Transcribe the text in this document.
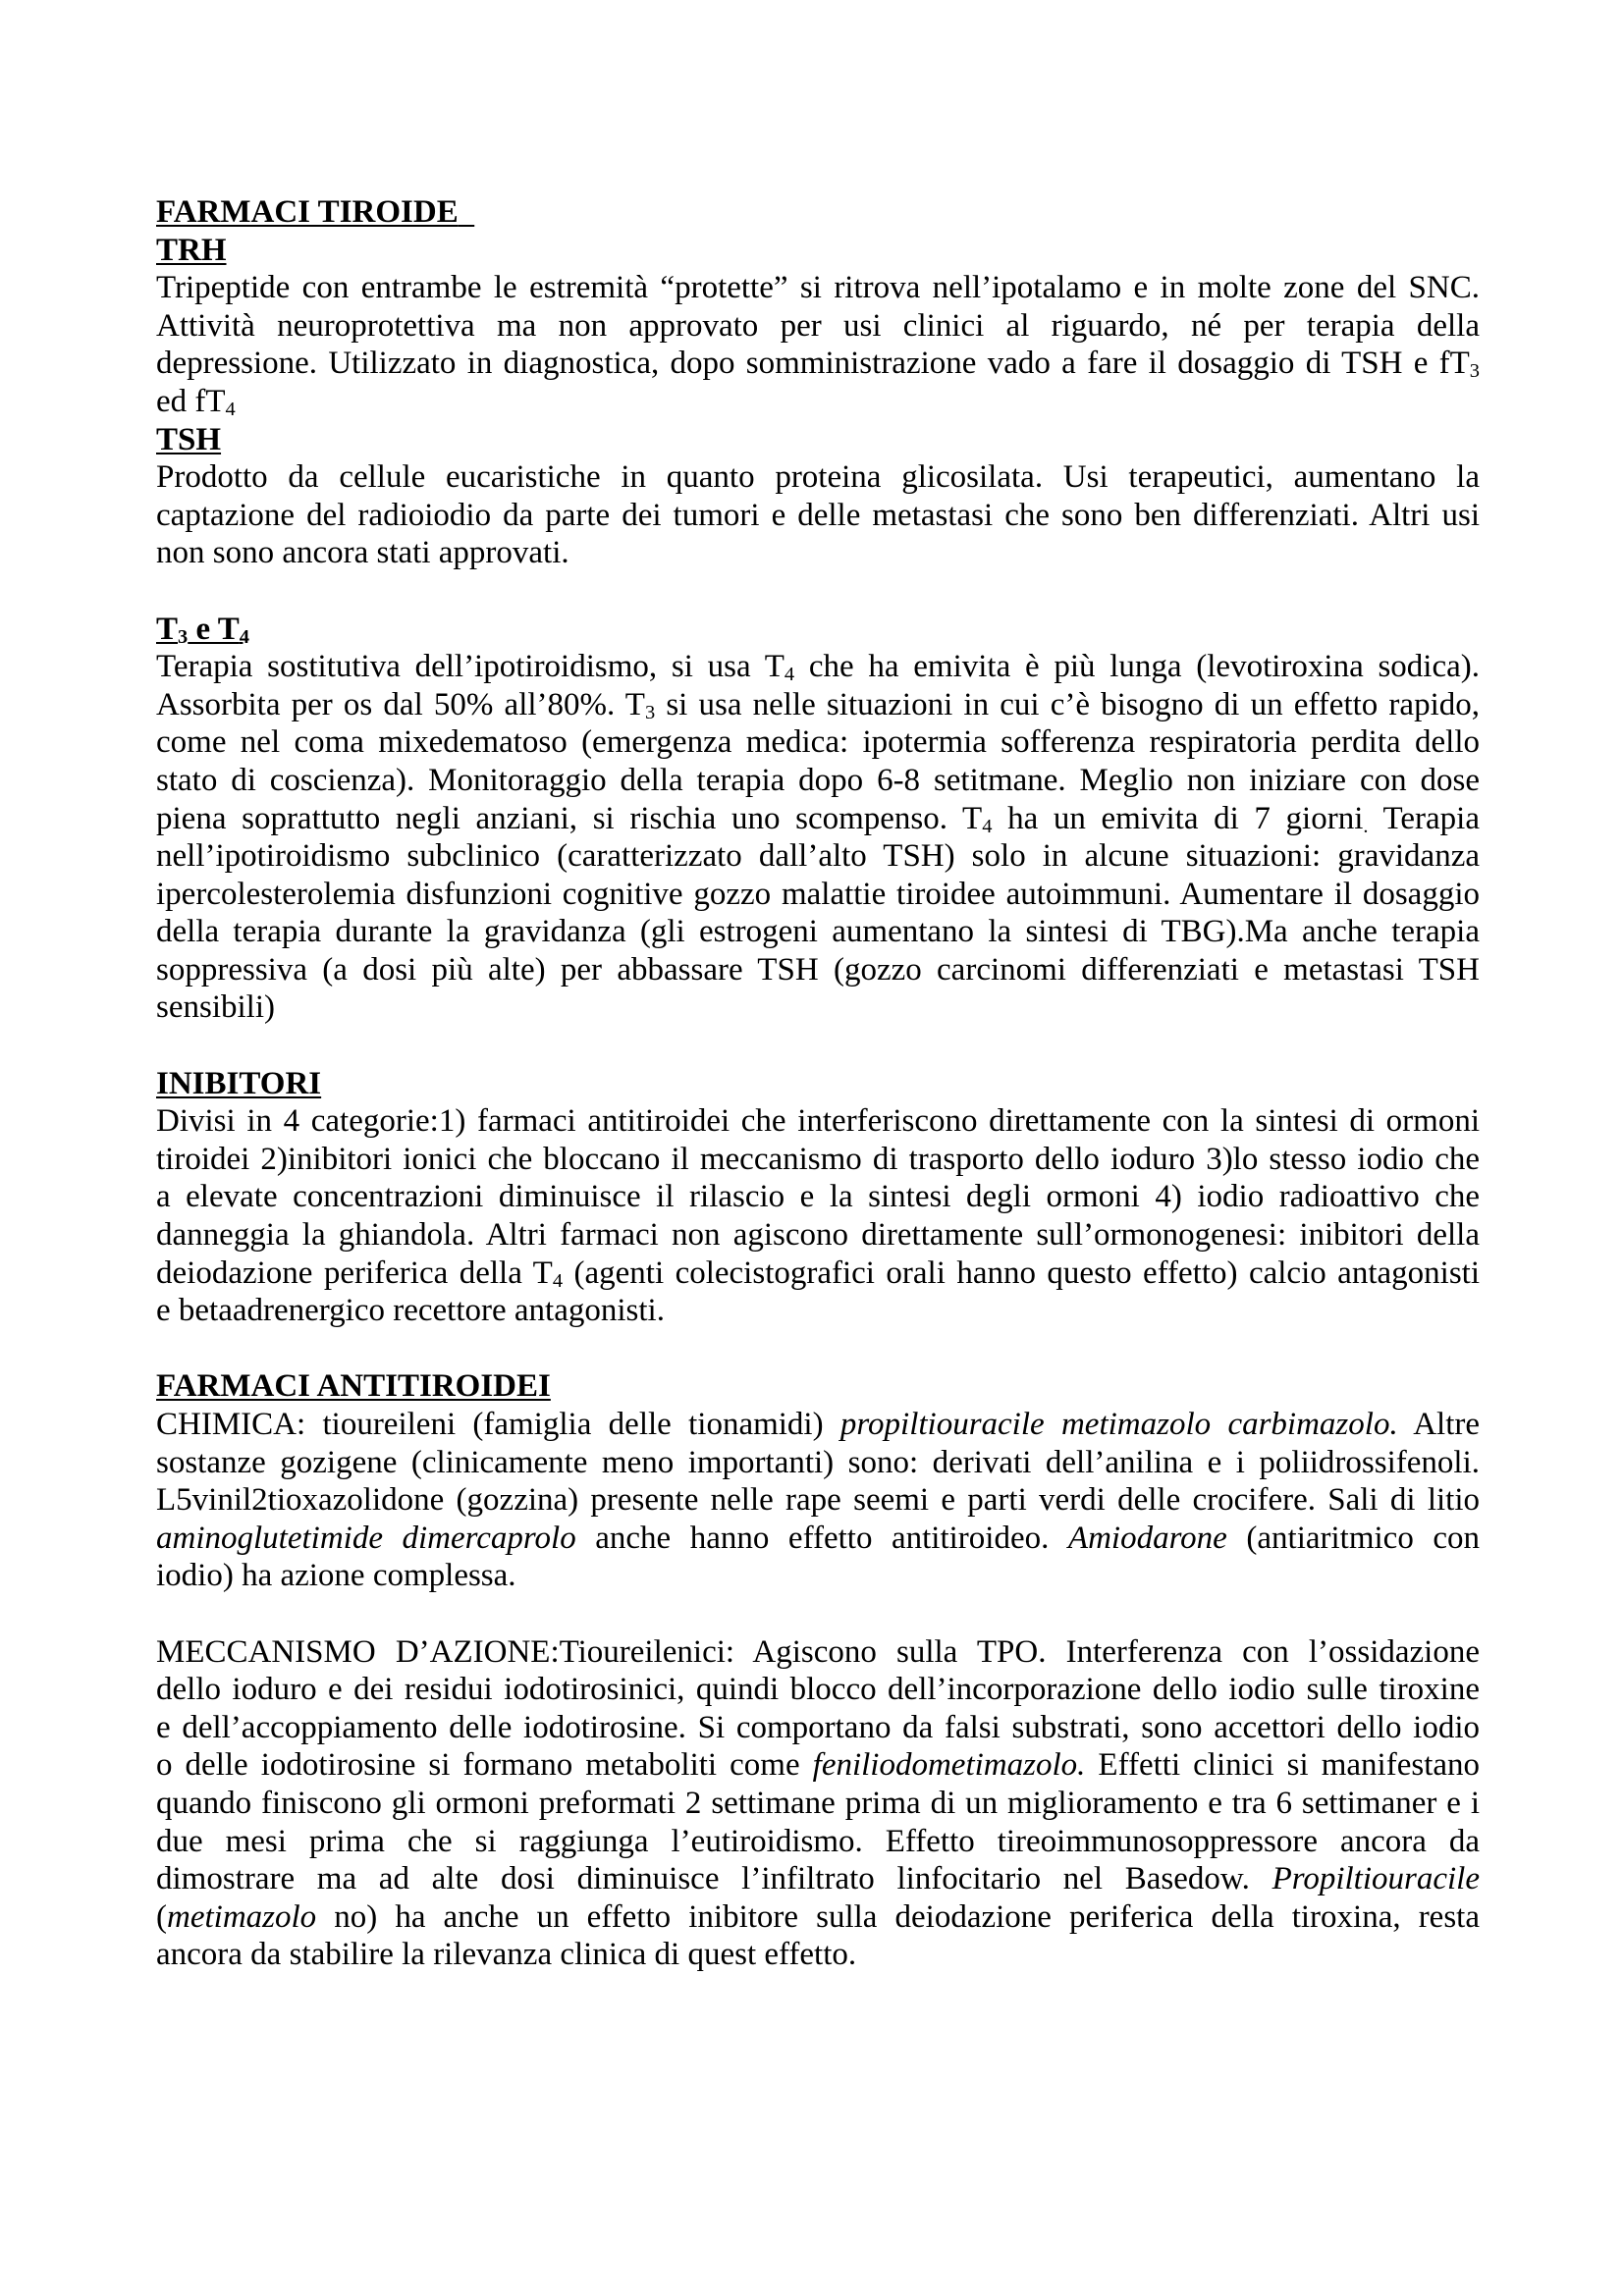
FARMACI TIROIDE
TRH
Tripeptide con entrambe le estremità “protette” si ritrova nell’ipotalamo e in molte zone del SNC.
Attività neuroprotettiva ma non approvato per usi clinici al riguardo, né per terapia della
depressione. Utilizzato in diagnostica, dopo somministrazione vado a fare il dosaggio di TSH e fT3
ed fT4
TSH
Prodotto da cellule eucaristiche in quanto proteina glicosilata. Usi terapeutici, aumentano la
captazione del radioiodio da parte dei tumori e delle metastasi che sono ben differenziati. Altri usi
non sono ancora stati approvati.
T3 e T4
Terapia sostitutiva dell’ipotiroidismo, si usa T4 che ha emivita è più lunga (levotiroxina sodica).
Assorbita per os dal 50% all’80%. T3 si usa nelle situazioni in cui c’è bisogno di un effetto rapido,
come nel coma mixedematoso (emergenza medica: ipotermia sofferenza respiratoria perdita dello
stato di coscienza). Monitoraggio della terapia dopo 6-8 setitmane. Meglio non iniziare con dose
piena soprattutto negli anziani, si rischia uno scompenso. T4 ha un emivita di 7 giorni. Terapia
nell’ipotiroidismo subclinico (caratterizzato dall’alto TSH) solo in alcune situazioni: gravidanza
ipercolesterolemia disfunzioni cognitive gozzo malattie tiroidee autoimmuni. Aumentare il dosaggio
della terapia durante la gravidanza (gli estrogeni aumentano la sintesi di TBG).Ma anche terapia
soppressiva (a dosi più alte) per abbassare TSH (gozzo carcinomi differenziati e metastasi TSH
sensibili)
INIBITORI
Divisi in 4 categorie:1) farmaci antitiroidei che interferiscono direttamente con la sintesi di ormoni
tiroidei 2)inibitori ionici che bloccano il meccanismo di trasporto dello ioduro 3)lo stesso iodio che
a elevate concentrazioni diminuisce il rilascio e la sintesi degli ormoni 4) iodio radioattivo che
danneggia la ghiandola. Altri farmaci non agiscono direttamente sull’ormonogenesi: inibitori della
deiodazione periferica della T4 (agenti colecistografici orali hanno questo effetto) calcio antagonisti
e betaadrenergico recettore antagonisti.
FARMACI ANTITIROIDEI
CHIMICA: tioureileni (famiglia delle tionamidi) propiltiouracile metimazolo carbimazolo. Altre
sostanze gozigene (clinicamente meno importanti) sono: derivati dell’anilina e i poliidrossifenoli.
L5vinil2tioxazolidone (gozzina) presente nelle rape seemi e parti verdi delle crocifere. Sali di litio
aminoglutetimide dimercaprolo anche hanno effetto antitiroideo. Amiodarone (antiaritmico con
iodio) ha azione complessa.
MECCANISMO D’AZIONE:Tioureilenici: Agiscono sulla TPO. Interferenza con l’ossidazione
dello ioduro e dei residui iodotirosinici, quindi blocco dell’incorporazione dello iodio sulle tiroxine
e dell’accoppiamento delle iodotirosine. Si comportano da falsi substrati, sono accettori dello iodio
o delle iodotirosine si formano metaboliti come feniliodometimazolo. Effetti clinici si manifestano
quando finiscono gli ormoni preformati 2 settimane prima di un miglioramento e tra 6 settimaner e i
due mesi prima che si raggiunga l’eutiroidismo. Effetto tireoimmunosoppressore ancora da
dimostrare ma ad alte dosi diminuisce l’infiltrato linfocitario nel Basedow. Propiltiouracile
(metimazolo no) ha anche un effetto inibitore sulla deiodazione periferica della tiroxina, resta
ancora da stabilire la rilevanza clinica di quest effetto.
